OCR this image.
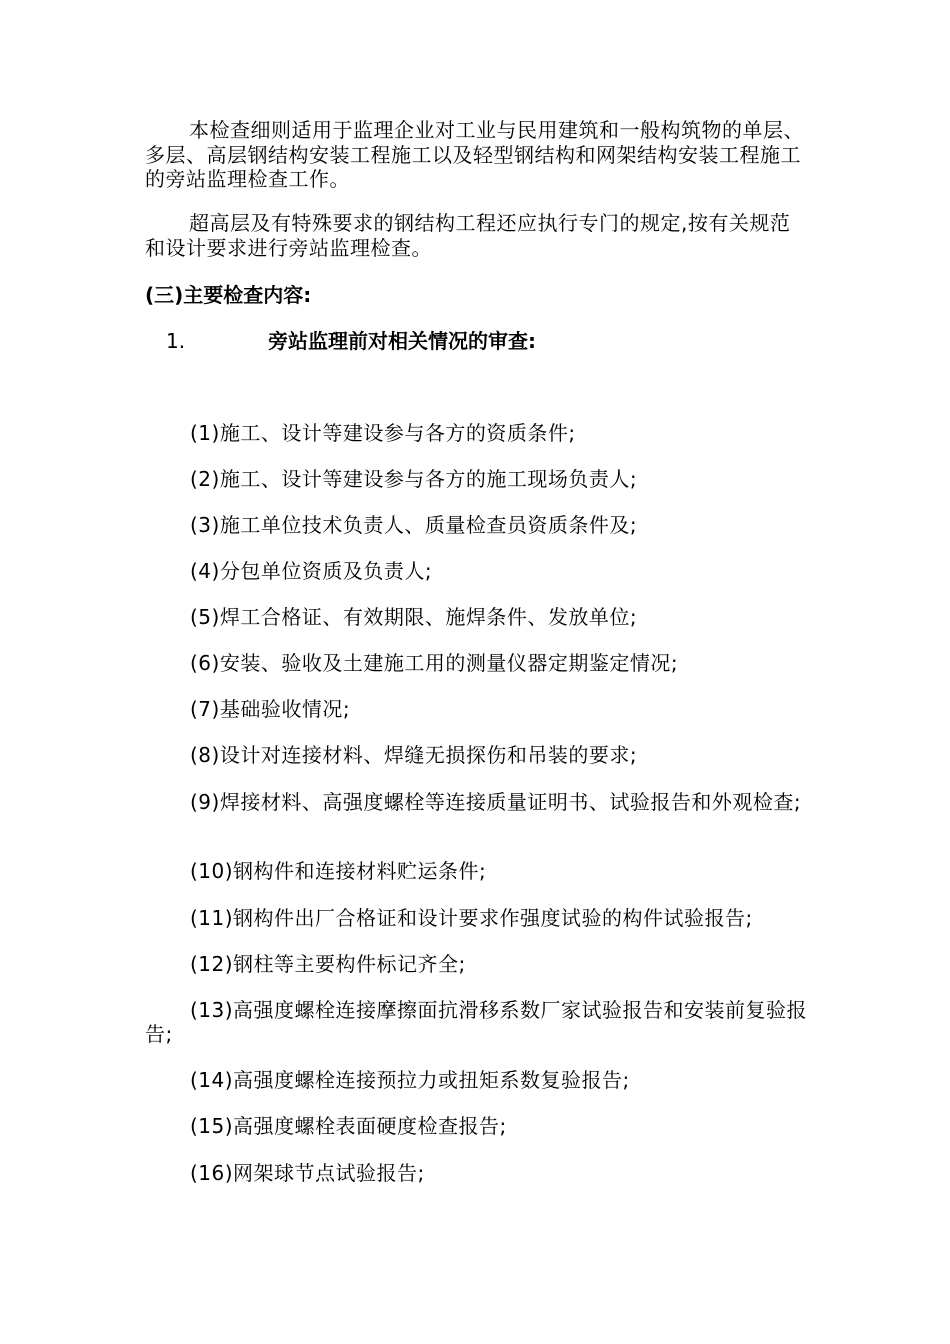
本检查细则适用于监理企业对工业与民用建筑和一般构筑物的单层、多层、高层钢结构安装工程施工以及轻型钢结构和网架结构安装工程施工的旁站监理检查工作。

超高层及有特殊要求的钢结构工程还应执行专门的规定,按有关规范和设计要求进行旁站监理检查。

(三)主要检查内容:

1.	旁站监理前对相关情况的审查:

(1)施工、设计等建设参与各方的资质条件;

(2)施工、设计等建设参与各方的施工现场负责人;

(3)施工单位技术负责人、质量检查员资质条件及;

(4)分包单位资质及负责人;

(5)焊工合格证、有效期限、施焊条件、发放单位;

(6)安装、验收及土建施工用的测量仪器定期鉴定情况;

(7)基础验收情况;

(8)设计对连接材料、焊缝无损探伤和吊装的要求;

(9)焊接材料、高强度螺栓等连接质量证明书、试验报告和外观检查;

(10)钢构件和连接材料贮运条件;

(11)钢构件出厂合格证和设计要求作强度试验的构件试验报告;

(12)钢柱等主要构件标记齐全;

(13)高强度螺栓连接摩擦面抗滑移系数厂家试验报告和安装前复验报告;

(14)高强度螺栓连接预拉力或扭矩系数复验报告;

(15)高强度螺栓表面硬度检查报告;

(16)网架球节点试验报告;
